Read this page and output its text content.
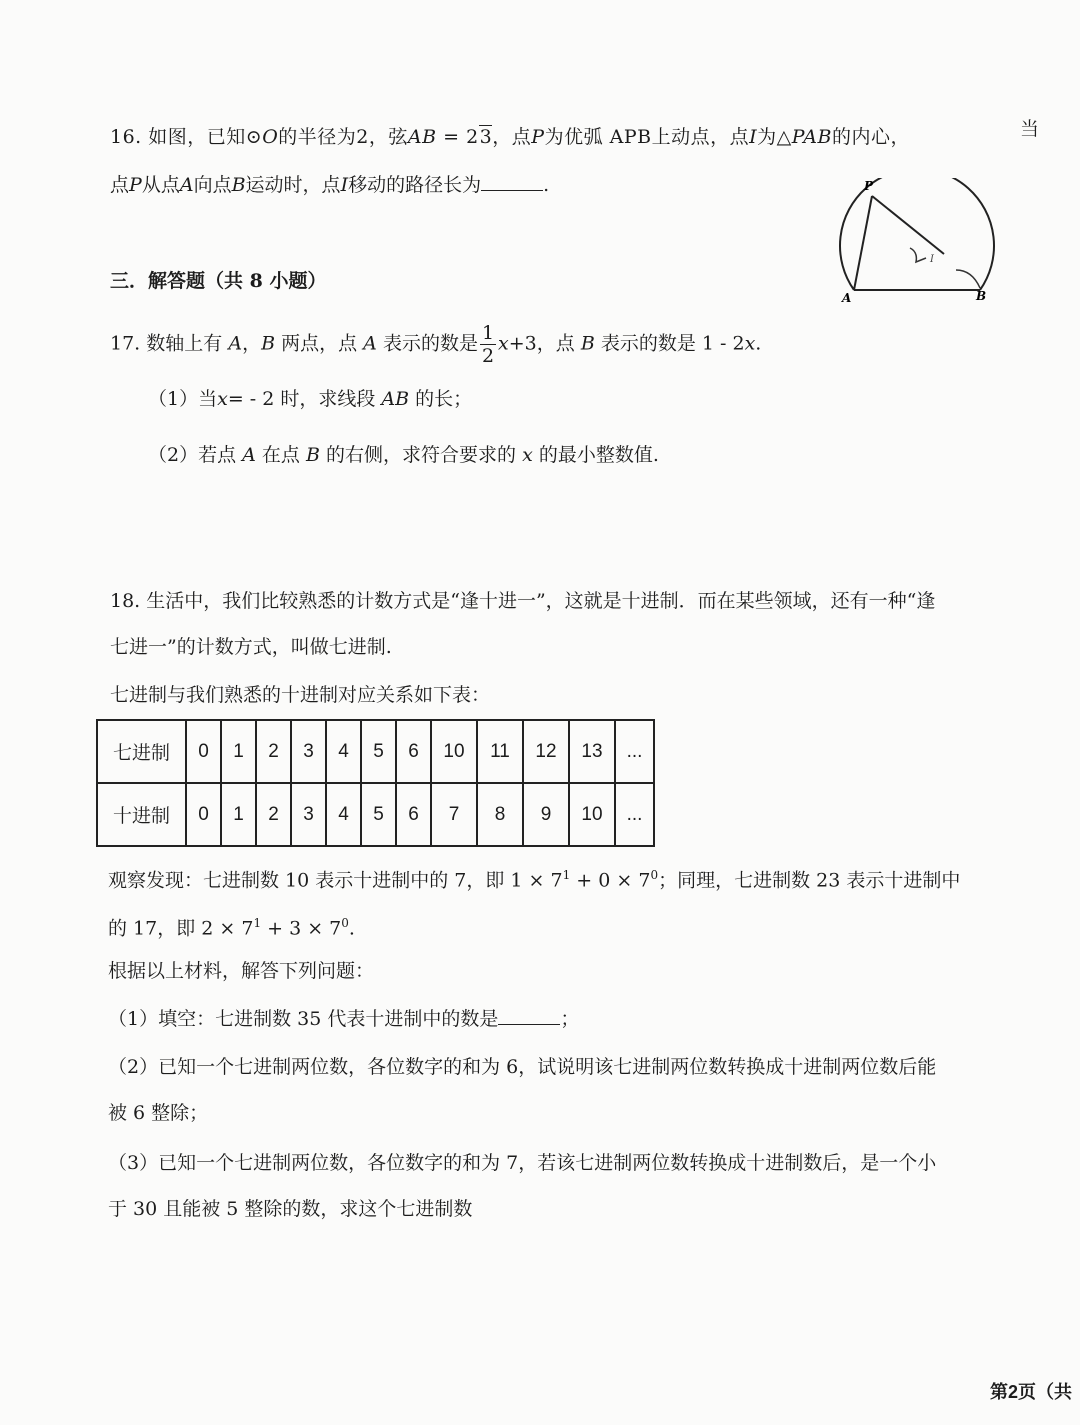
16. 如图，已知⊙O的半径为2，弦AB = 23，点P为优弧 APB上动点，点I为△PAB的内心，	当
点P从点A向点B运动时，点I移动的路径长为	.	P
A	B
I
三．解答题（共 8 小题）
17. 数轴上有 A，B 两点，点 A 表示的数是 $\frac{1}{2} x+3$，点 B 表示的数是 1 - 2x.
（1）当x= - 2 时，求线段 AB 的长；
（2）若点 A 在点 B 的右侧，求符合要求的 x 的最小整数值.
18. 生活中，我们比较熟悉的计数方式是“逢十进一”，这就是十进制．而在某些领域，还有一种“逢
七进一”的计数方式，叫做七进制.
七进制与我们熟悉的十进制对应关系如下表：
七进制	0	1	2	3	4	5	6	10	11	12	13	...
十进制	0	1	2	3	4	5	6	7	8	9	10	...
观察发现：七进制数 10 表示十进制中的 7，即 $1 \times 7^1 + 0 \times 7^0$；同理，七进制数 23 表示十进制中
的 17，即 $2 \times 7^1 + 3 \times 7^0$.
根据以上材料，解答下列问题：
（1）填空：七进制数 35 代表十进制中的数是	；
（2）已知一个七进制两位数，各位数字的和为 6，试说明该七进制两位数转换成十进制两位数后能
被 6 整除；
（3）已知一个七进制两位数，各位数字的和为 7，若该七进制两位数转换成十进制数后，是一个小
于 30 且能被 5 整除的数，求这个七进制数
第2页（共
